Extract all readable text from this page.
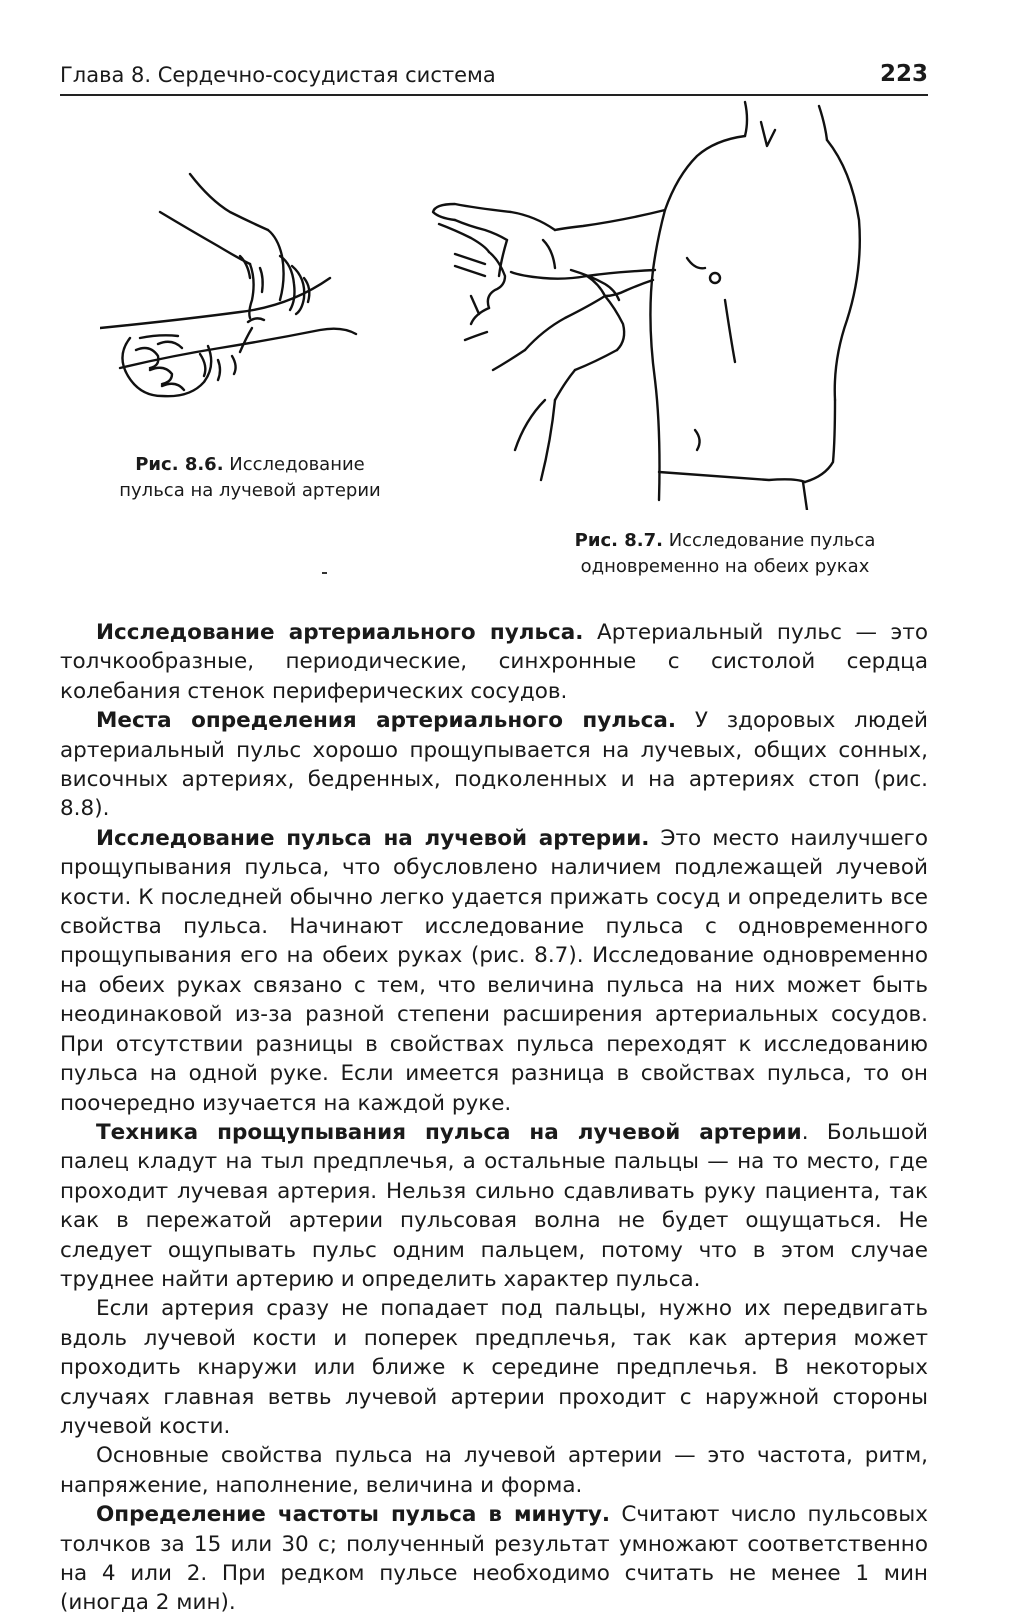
Глава 8. Сердечно-сосудистая система	223
Рис. 8.6. Исследование
пульса на лучевой артерии
Рис. 8.7. Исследование пульса
одновременно на обеих руках

Исследование артериального пульса. Артериальный пульс — это толчкообразные, периодические, синхронные с систолой сердца колебания стенок периферических сосудов.

Места определения артериального пульса. У здоровых людей артериальный пульс хорошо прощупывается на лучевых, общих сонных, височных артериях, бедренных, подколенных и на артериях стоп (рис. 8.8).

Исследование пульса на лучевой артерии. Это место наилучшего прощупывания пульса, что обусловлено наличием подлежащей лучевой кости. К последней обычно легко удается прижать сосуд и определить все свойства пульса. Начинают исследование пульса с одновременного прощупывания его на обеих руках (рис. 8.7). Исследование одновременно на обеих руках связано с тем, что величина пульса на них может быть неодинаковой из-за разной степени расширения артериальных сосудов. При отсутствии разницы в свойствах пульса переходят к исследованию пульса на одной руке. Если имеется разница в свойствах пульса, то он поочередно изучается на каждой руке.

Техника прощупывания пульса на лучевой артерии. Большой палец кладут на тыл предплечья, а остальные пальцы — на то место, где проходит лучевая артерия. Нельзя сильно сдавливать руку пациента, так как в пережатой артерии пульсовая волна не будет ощущаться. Не следует ощупывать пульс одним пальцем, потому что в этом случае труднее найти артерию и определить характер пульса.

Если артерия сразу не попадает под пальцы, нужно их передвигать вдоль лучевой кости и поперек предплечья, так как артерия может проходить кнаружи или ближе к середине предплечья. В некоторых случаях главная ветвь лучевой артерии проходит с наружной стороны лучевой кости.

Основные свойства пульса на лучевой артерии — это частота, ритм, напряжение, наполнение, величина и форма.

Определение частоты пульса в минуту. Считают число пульсовых толчков за 15 или 30 с; полученный результат умножают соответственно на 4 или 2. При редком пульсе необходимо считать не менее 1 мин (иногда 2 мин).
